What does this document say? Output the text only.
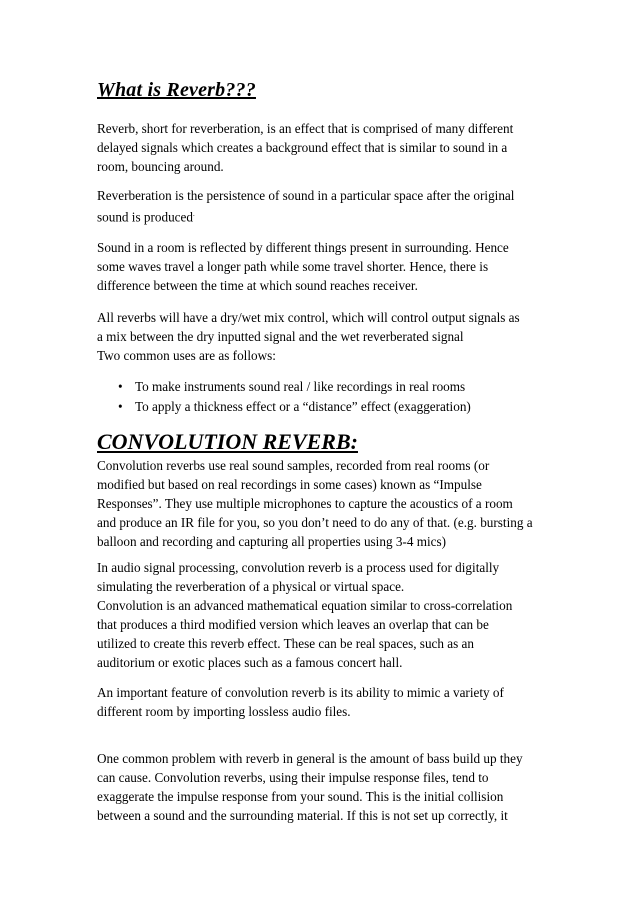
What is Reverb???
Reverb, short for reverberation, is an effect that is comprised of many different
delayed signals which creates a background effect that is similar to sound in a
room, bouncing around.
Reverberation is the persistence of sound in a particular space after the original
sound is produced.
Sound in a room is reflected by different things present in surrounding. Hence
some waves travel a longer path while some travel shorter. Hence, there is
difference between the time at which sound reaches receiver.
All reverbs will have a dry/wet mix control, which will control output signals as
a mix between the dry inputted signal and the wet reverberated signal
Two common uses are as follows:
• To make instruments sound real / like recordings in real rooms
• To apply a thickness effect or a “distance” effect (exaggeration)
CONVOLUTION REVERB:
Convolution reverbs use real sound samples, recorded from real rooms (or
modified but based on real recordings in some cases) known as “Impulse
Responses”. They use multiple microphones to capture the acoustics of a room
and produce an IR file for you, so you don’t need to do any of that. (e.g. bursting a
balloon and recording and capturing all properties using 3-4 mics)
In audio signal processing, convolution reverb is a process used for digitally
simulating the reverberation of a physical or virtual space.
Convolution is an advanced mathematical equation similar to cross-correlation
that produces a third modified version which leaves an overlap that can be
utilized to create this reverb effect. These can be real spaces, such as an
auditorium or exotic places such as a famous concert hall.
An important feature of convolution reverb is its ability to mimic a variety of
different room by importing lossless audio files.
One common problem with reverb in general is the amount of bass build up they
can cause. Convolution reverbs, using their impulse response files, tend to
exaggerate the impulse response from your sound. This is the initial collision
between a sound and the surrounding material. If this is not set up correctly, it
